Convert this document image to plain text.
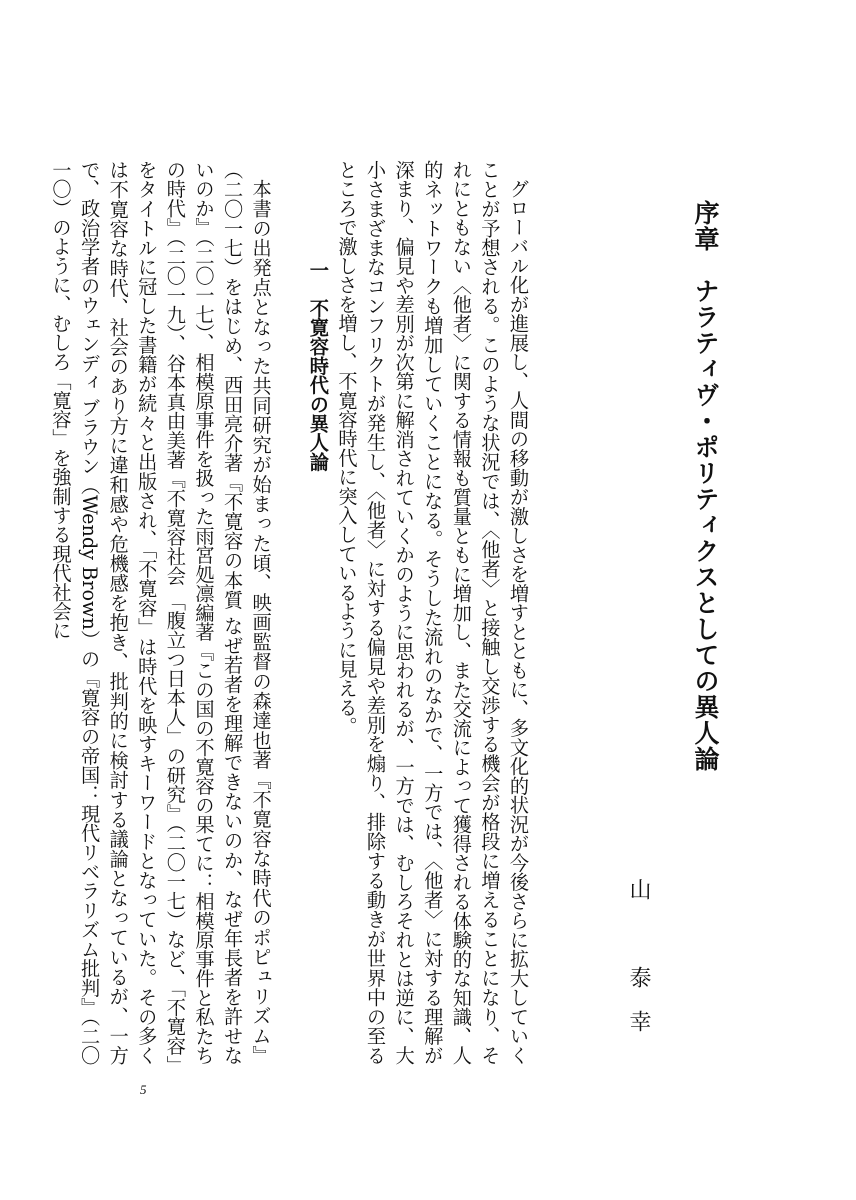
序章　ナラティヴ・ポリティクスとしての異人論
山　泰幸

グローバル化が進展し、人間の移動が激しさを増すとともに、多文化的状況が今後さらに拡大していくことが予想される。このような状況では、〈他者〉と接触し交渉する機会が格段に増えることになり、それにともない〈他者〉に関する情報も質量ともに増加し、また交流によって獲得される体験的な知識、人的ネットワークも増加していくことになる。そうした流れのなかで、一方では、〈他者〉に対する理解が深まり、偏見や差別が次第に解消されていくかのように思われるが、一方では、むしろそれとは逆に、大小さまざまなコンフリクトが発生し、〈他者〉に対する偏見や差別を煽り、排除する動きが世界中の至るところで激しさを増し、不寛容時代に突入しているように見える。

一　不寛容時代の異人論

本書の出発点となった共同研究が始まった頃、映画監督の森達也著『不寛容な時代のポピュリズム』（二〇一七）をはじめ、西田亮介著『不寛容の本質 なぜ若者を理解できないのか、なぜ年長者を許せないのか』（二〇一七）、相模原事件を扱った雨宮処凛編著『この国の不寛容の果てに：相模原事件と私たちの時代』（二〇一九）、谷本真由美著『不寛容社会 「腹立つ日本人」の研究』（二〇一七）など、「不寛容」をタイトルに冠した書籍が続々と出版され、「不寛容」は時代を映すキーワードとなっていた。その多くは不寛容な時代、社会のあり方に違和感や危機感を抱き、批判的に検討する議論となっているが、一方で、政治学者のウェンディ ブラウン（Wendy Brown）の『寛容の帝国：現代リベラリズム批判』（二〇一〇）のように、むしろ「寛容」を強制する現代社会に

5
